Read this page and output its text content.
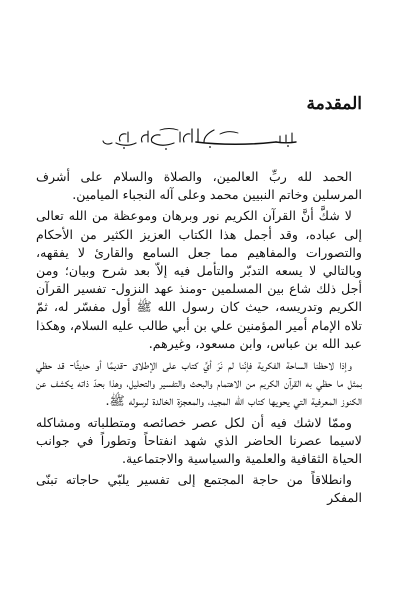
المقدمة

الحمد لله ربِّ العالمين، والصلاة والسلام على أشرف المرسلين وخاتم النبيين محمد وعلى آله النجباء الميامين.

لا شكَّ أنَّ القرآن الكريم نور وبرهان وموعظة من الله تعالى إلى عباده، وقد أجمل هذا الكتاب العزيز الكثير من الأحكام والتصورات والمفاهيم مما جعل السامع والقارئ لا يفقهه، وبالتالي لا يسعه التدبّر والتأمل فيه إلاّ بعد شرح وبيان؛ ومن أجل ذلك شاع بين المسلمين -ومنذ عهد النزول- تفسير القرآن الكريم وتدريسه، حيث كان رسول الله ﷺ أول مفسّر له، ثمّ تلاه الإمام أمير المؤمنين علي بن أبي طالب عليه السلام، وهكذا عبد الله بن عباس، وابن مسعود، وغيرهم.

وإذا لاحظنا الساحة الفكرية فإنّنا لم نَرَ أيَّ كتاب على الإطلاق -قديمًا أو حديثًا- قد حظي بمثل ما حظي به القرآن الكريم من الاهتمام والبحث والتفسير والتحليل، وهذا بحدّ ذاته يكشف عن الكنوز المعرفية التي يحويها كتاب الله المجيد، والمعجزة الخالدة لرسوله ﷺ.

وممّا لاشك فيه أن لكل عصر خصائصه ومتطلباته ومشاكله لاسيما عصرنا الحاضر الذي شهد انفتاحاً وتطوراً في جوانب الحياة الثقافية والعلمية والسياسية والاجتماعية.

وانطلاقاً من حاجة المجتمع إلى تفسير يلبّي حاجاته تبنّى المفكر
